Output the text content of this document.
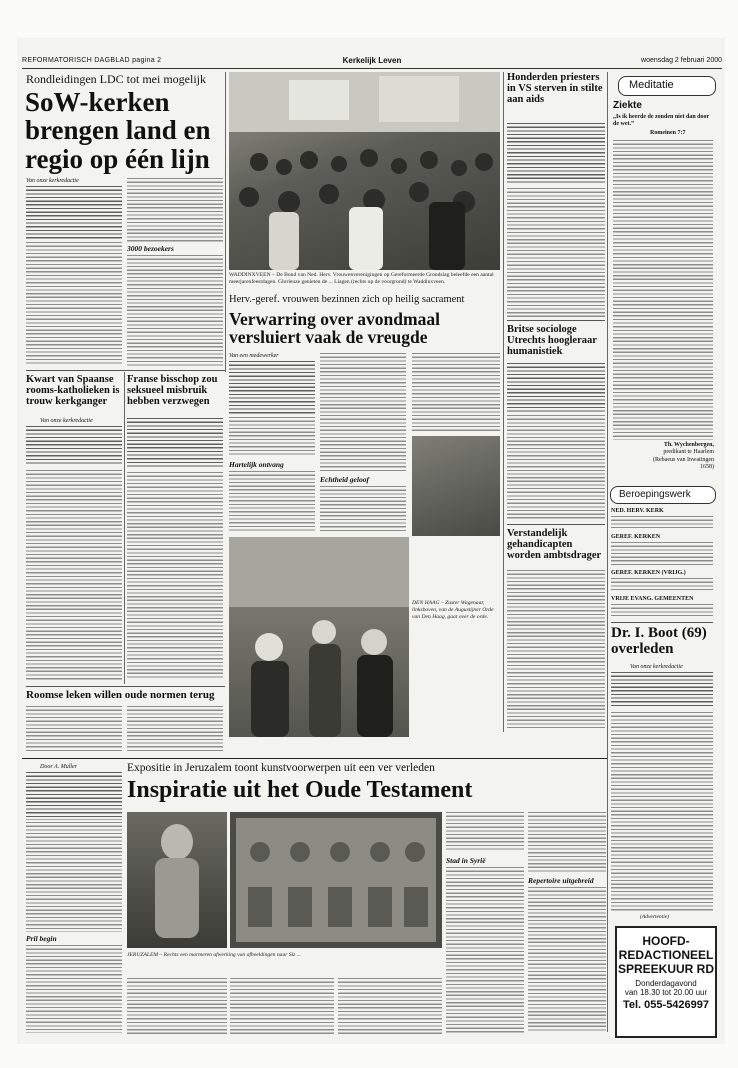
REFORMATORISCH DAGBLAD pagina 2	Kerkelijk Leven	woensdag 2 februari 2000
Rondleidingen LDC tot mei mogelijk
SoW-kerken
brengen land en
regio op één lijn
Van onze kerkredactie
3000 bezoekers
WADDINXVEEN – De Bond van Ned. Herv. Vrouwenverenigingen op Gereformeerde Grondslag beleefde een aantal meerjarenfeestdagen. Glorieuze genieten de ... Liagen (rechts op de voorgrond) te Waddinxveen.
Herv.-geref. vrouwen bezinnen zich op heilig sacrament
Verwarring over avondmaal
versluiert vaak de vreugde
Van een medewerker
Hartelijk ontvang
Echtheid geloof
DEN HAAG – Zuster Wagenaar, linksboven, van de Augustijner Orde van Den Haag, gaat over de orde.
Honderden priesters in VS sterven in stilte aan aids
Britse sociologe Utrechts hoogleraar humanistiek
Verstandelijk gehandicapten worden ambtsdrager
Meditatie
Ziekte
„Is ik heerde de zonden niet dan door de wet.”
Romeinen 7:7
Th. Wychenbergen,
predikant te Haarlem
(Rebaeus van Inwatingen 1658)
Beroepingswerk
NED. HERV. KERK
GEREF. KERKEN
GEREF. KERKEN (VRIJG.)
VRIJE EVANG. GEMEENTEN
Dr. I. Boot (69) overleden
Van onze kerkredactie
(Advertentie)
HOOFD-
REDACTIONEEL
SPREEKUUR RD
Donderdagavond
van 18.30 tot 20.00 uur
Tel. 055-5426997
Kwart van Spaanse rooms-katholieken is trouw kerkganger
Van onze kerkredactie
Franse bisschop zou seksueel misbruik hebben verzwegen
Roomse leken willen oude normen terug
Expositie in Jeruzalem toont kunstvoorwerpen uit een ver verleden
Inspiratie uit het Oude Testament
Door A. Muller
Pril begin
JERUZALEM – Rechts een marmeren afwerking van afbeeldingen naar Siz ...
Stad in Syrië
Repertoire uitgebreid
